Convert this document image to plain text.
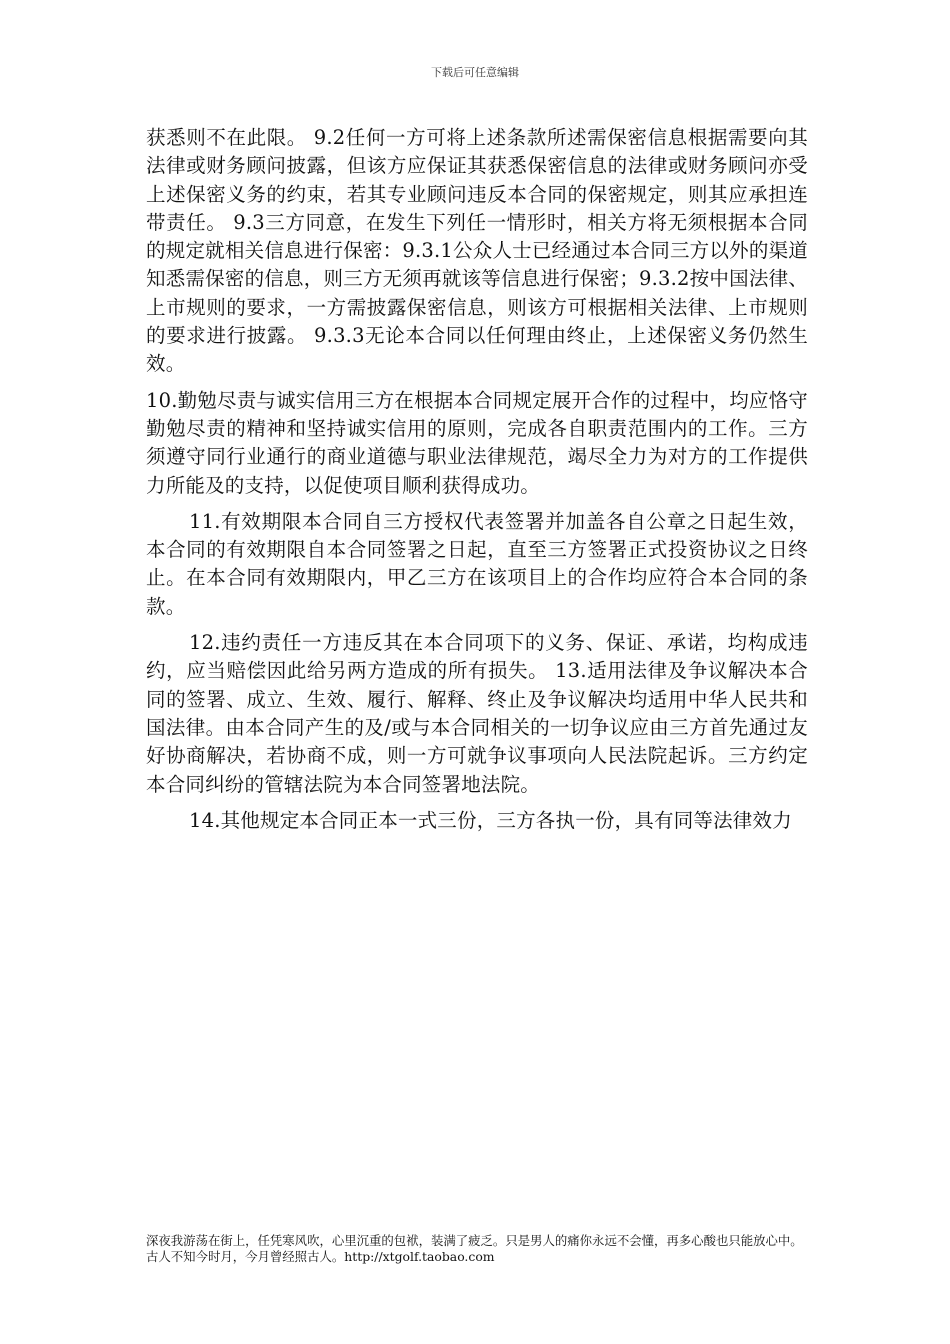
下载后可任意编辑

获悉则不在此限。 9.2任何一方可将上述条款所述需保密信息根据需要向其法律或财务顾问披露，但该方应保证其获悉保密信息的法律或财务顾问亦受上述保密义务的约束，若其专业顾问违反本合同的保密规定，则其应承担连带责任。 9.3三方同意，在发生下列任一情形时，相关方将无须根据本合同的规定就相关信息进行保密：9.3.1公众人士已经通过本合同三方以外的渠道知悉需保密的信息，则三方无须再就该等信息进行保密；9.3.2按中国法律、上市规则的要求，一方需披露保密信息，则该方可根据相关法律、上市规则的要求进行披露。 9.3.3无论本合同以任何理由终止，上述保密义务仍然生效。

10.勤勉尽责与诚实信用三方在根据本合同规定展开合作的过程中，均应恪守勤勉尽责的精神和坚持诚实信用的原则，完成各自职责范围内的工作。三方须遵守同行业通行的商业道德与职业法律规范，竭尽全力为对方的工作提供力所能及的支持，以促使项目顺利获得成功。

11.有效期限本合同自三方授权代表签署并加盖各自公章之日起生效，本合同的有效期限自本合同签署之日起，直至三方签署正式投资协议之日终止。在本合同有效期限内，甲乙三方在该项目上的合作均应符合本合同的条款。

12.违约责任一方违反其在本合同项下的义务、保证、承诺，均构成违约，应当赔偿因此给另两方造成的所有损失。 13.适用法律及争议解决本合同的签署、成立、生效、履行、解释、终止及争议解决均适用中华人民共和国法律。由本合同产生的及/或与本合同相关的一切争议应由三方首先通过友好协商解决，若协商不成，则一方可就争议事项向人民法院起诉。三方约定本合同纠纷的管辖法院为本合同签署地法院。

14.其他规定本合同正本一式三份，三方各执一份，具有同等法律效力

深夜我游荡在街上，任凭寒风吹，心里沉重的包袱，装满了疲乏。只是男人的痛你永远不会懂，再多心酸也只能放心中。古人不知今时月，今月曾经照古人。http://xtgolf.taobao.com
